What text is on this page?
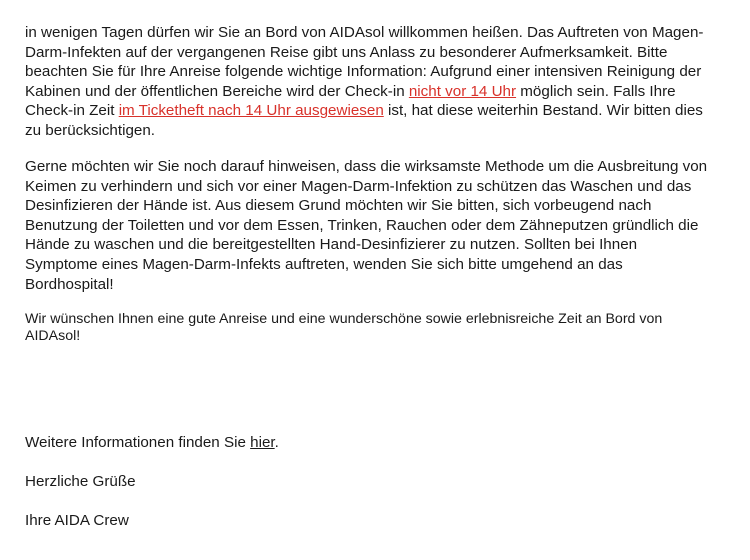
in wenigen Tagen dürfen wir Sie an Bord von AIDAsol willkommen heißen. Das Auftreten von Magen-Darm-Infekten auf der vergangenen Reise gibt uns Anlass zu besonderer Aufmerksamkeit. Bitte beachten Sie für Ihre Anreise folgende wichtige Information: Aufgrund einer intensiven Reinigung der Kabinen und der öffentlichen Bereiche wird der Check-in nicht vor 14 Uhr möglich sein. Falls Ihre Check-in Zeit im Ticketheft nach 14 Uhr ausgewiesen ist, hat diese weiterhin Bestand. Wir bitten dies zu berücksichtigen.

Gerne möchten wir Sie noch darauf hinweisen, dass die wirksamste Methode um die Ausbreitung von Keimen zu verhindern und sich vor einer Magen-Darm-Infektion zu schützen das Waschen und das Desinfizieren der Hände ist. Aus diesem Grund möchten wir Sie bitten, sich vorbeugend nach Benutzung der Toiletten und vor dem Essen, Trinken, Rauchen oder dem Zähneputzen gründlich die Hände zu waschen und die bereitgestellten Hand-Desinfizierer zu nutzen. Sollten bei Ihnen Symptome eines Magen-Darm-Infekts auftreten, wenden Sie sich bitte umgehend an das Bordhospital!

Wir wünschen Ihnen eine gute Anreise und eine wunderschöne sowie erlebnisreiche Zeit an Bord von AIDAsol!

Weitere Informationen finden Sie hier.

Herzliche Grüße

Ihre AIDA Crew
